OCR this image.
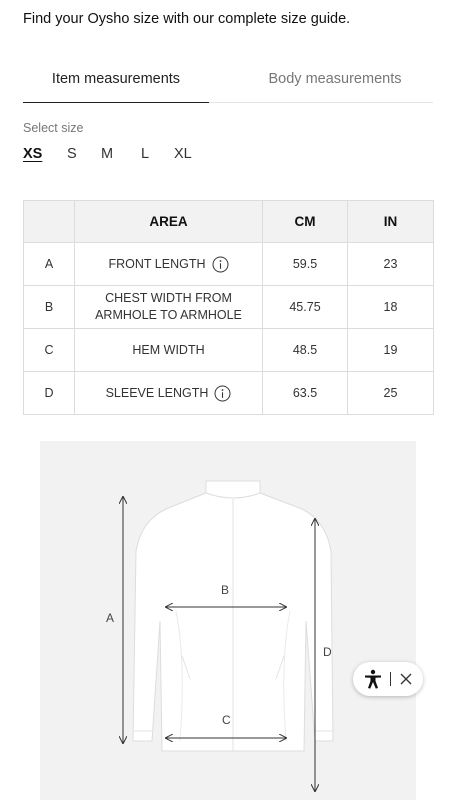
Find your Oysho size with our complete size guide.
Item measurements	Body measurements
Select size
XS S M L XL
	AREA	CM	IN
A	FRONT LENGTH	59.5	23
B	CHEST WIDTH FROM ARMHOLE TO ARMHOLE	45.75	18
C	HEM WIDTH	48.5	19
D	SLEEVE LENGTH	63.5	25
A
B
C
D
